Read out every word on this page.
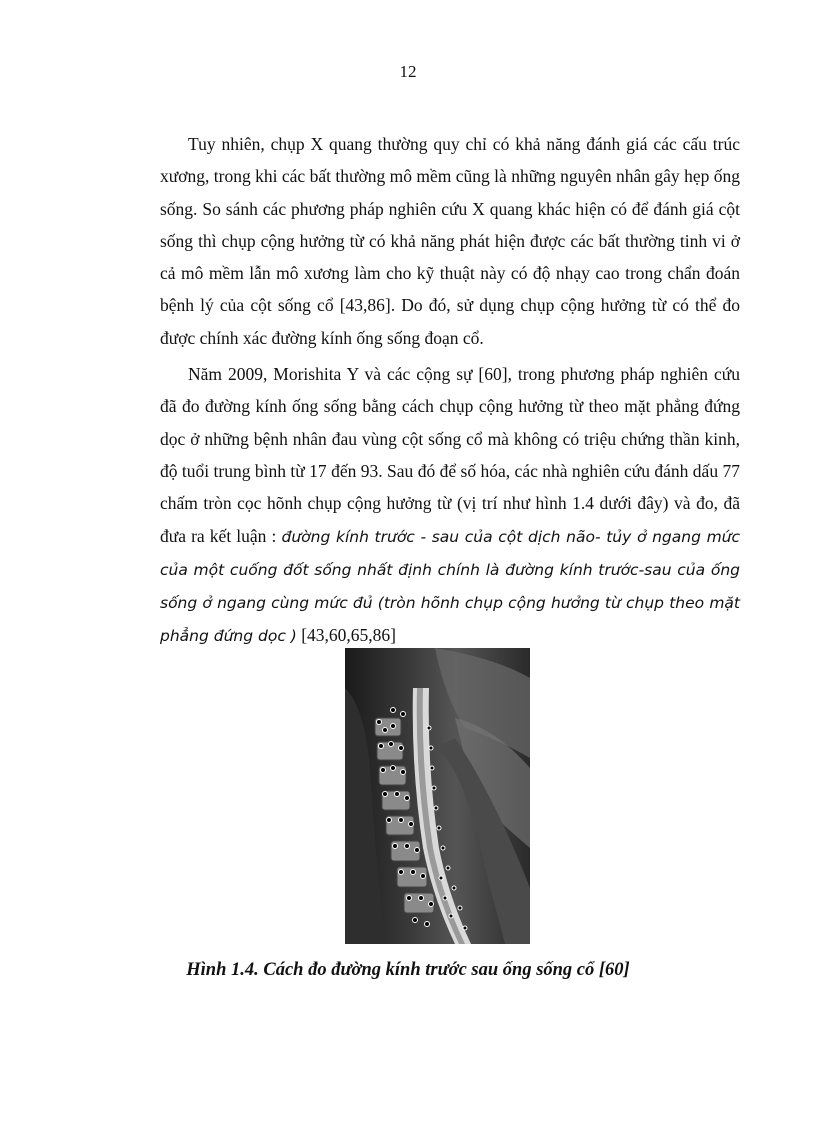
12

Tuy nhiên, chụp X quang thường quy chỉ có khả năng đánh giá các cấu trúc xương, trong khi các bất thường mô mềm cũng là những nguyên nhân gây hẹp ống sống. So sánh các phương pháp nghiên cứu X quang khác hiện có để đánh giá cột sống thì chụp cộng hưởng từ có khả năng phát hiện được các bất thường tinh vi ở cả mô mềm lẫn mô xương làm cho kỹ thuật này có độ nhạy cao trong chẩn đoán bệnh lý của cột sống cổ [43,86]. Do đó, sử dụng chụp cộng hưởng từ có thể đo được chính xác đường kính ống sống đoạn cổ.

Năm 2009, Morishita Y và các cộng sự [60], trong phương pháp nghiên cứu đã đo đường kính ống sống bằng cách chụp cộng hưởng từ theo mặt phẳng đứng dọc ở những bệnh nhân đau vùng cột sống cổ mà không có triệu chứng thần kinh, độ tuổi trung bình từ 17 đến 93. Sau đó để số hóa, các nhà nghiên cứu đánh dấu 77 chấm tròn cọc hõnh chụp cộng hưởng từ (vị trí như hình 1.4 dưới đây) và đo, đã đưa ra kết luận : đường kính trước - sau của cột dịch não- tủy ở ngang mức của một cuống đốt sống nhất định chính là đường kính trước-sau của ống sống ở ngang cùng mức đủ (tròn hõnh chụp cộng hưởng từ chụp theo mặt phẳng đứng dọc ) [43,60,65,86]

Hình 1.4. Cách đo đường kính trước sau ống sống cổ [60]
